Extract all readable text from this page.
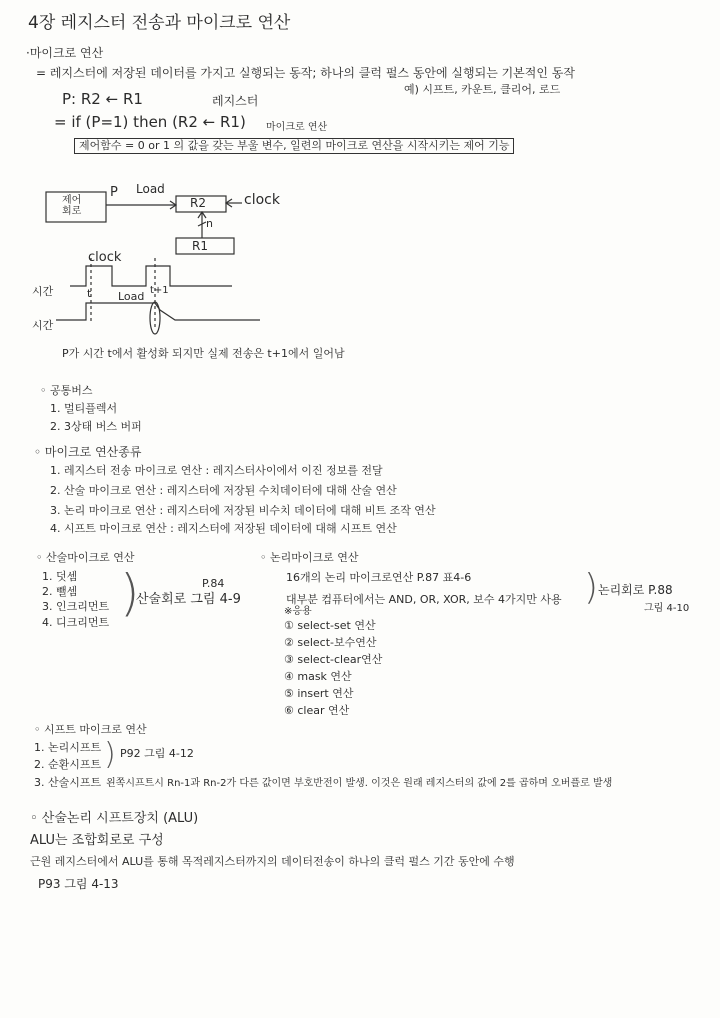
4장 레지스터 전송과 마이크로 연산
·마이크로 연산
= 레지스터에 저장된 데이터를 가지고 실행되는 동작; 하나의 클럭 펄스 동안에 실행되는 기본적인 동작
예) 시프트, 카운트, 클리어, 로드
P: R2 ← R1	레지스터
= if (P=1) then (R2 ← R1) 마이크로 연산
제어함수 = 0 or 1 의 값을 갖는 부울 변수, 일련의 마이크로 연산을 시작시키는 제어 기능
제어
회로
P Load
R2	clock
n
R1
clock
시간	t Load t+1
시간
P가 시간 t에서 활성화 되지만 실제 전송은 t+1에서 일어남
◦ 공통버스
1. 멀티플렉서
2. 3상태 버스 버퍼
◦ 마이크로 연산종류
1. 레지스터 전송 마이크로 연산 : 레지스터사이에서 이진 정보를 전달
2. 산술 마이크로 연산 : 레지스터에 저장된 수치데이터에 대해 산술 연산
3. 논리 마이크로 연산 : 레지스터에 저장된 비수치 데이터에 대해 비트 조작 연산
4. 시프트 마이크로 연산 : 레지스터에 저장된 데이터에 대해 시프트 연산
◦ 산술마이크로 연산
1. 덧셈
2. 뺄셈
3. 인크리먼트
4. 디크리먼트
)	P.84
산술회로 그림 4-9
◦ 논리마이크로 연산
16개의 논리 마이크로연산 P.87 표4-6
대부분 컴퓨터에서는 AND, OR, XOR, 보수 4가지만 사용 ) 논리회로 P.88
그림 4-10
※응용
① select-set 연산
② select-보수연산
③ select-clear연산
④ mask 연산
⑤ insert 연산
⑥ clear 연산
◦ 시프트 마이크로 연산
1. 논리시프트
2. 순환시프트
3. 산술시프트
) P92 그림 4-12
왼쪽시프트시 Rn-1과 Rn-2가 다른 값이면 부호반전이 발생. 이것은 원래 레지스터의 값에 2를 곱하며 오버플로 발생
◦ 산술논리 시프트장치 (ALU)
ALU는 조합회로로 구성
근원 레지스터에서 ALU를 통해 목적레지스터까지의 데이터전송이 하나의 클럭 펄스 기간 동안에 수행
P93 그림 4-13
